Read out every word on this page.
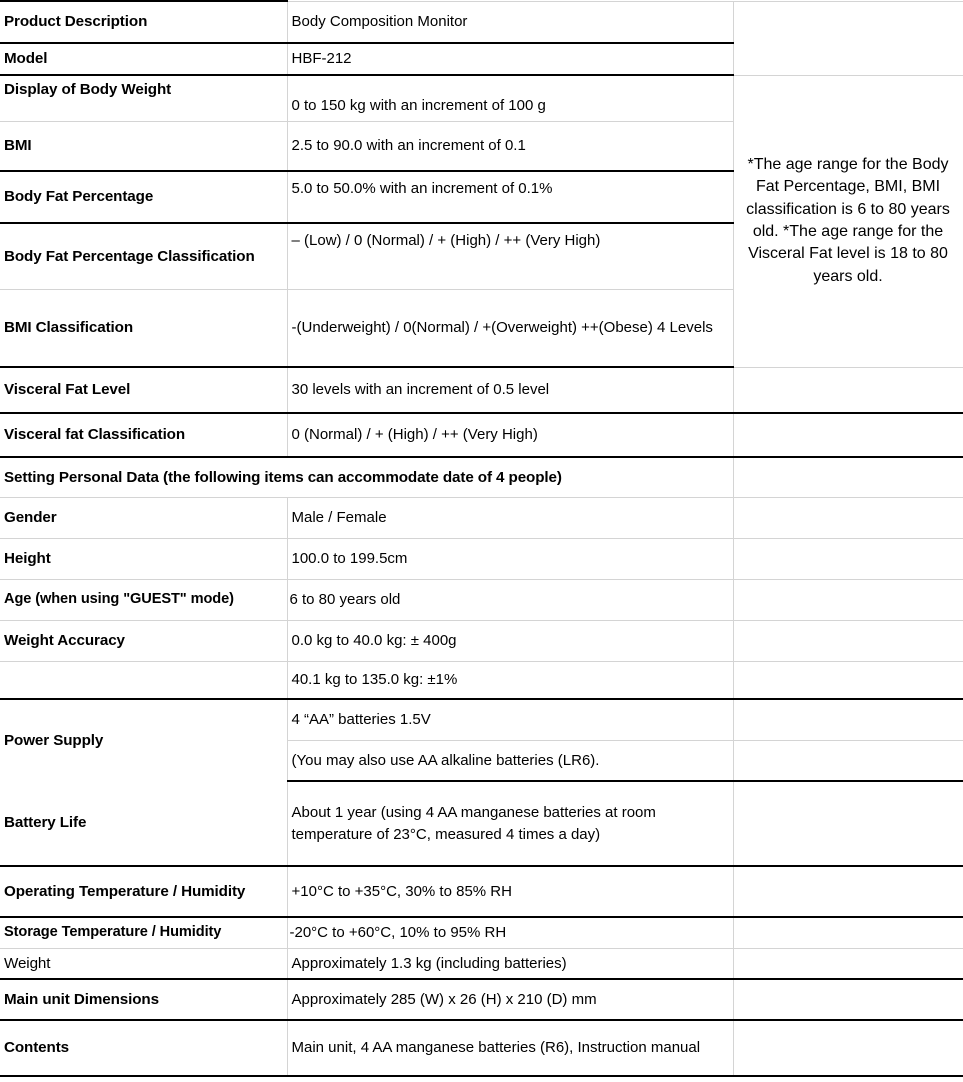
Product Description	Body Composition Monitor	
Model	HBF-212	
Display of Body Weight	0 to 150 kg with an increment of 100 g	*The age range for the Body Fat Percentage, BMI, BMI classification is 6 to 80 years old. *The age range for the Visceral Fat level is 18 to 80 years old.
BMI	2.5 to 90.0 with an increment of 0.1	
Body Fat Percentage	5.0 to 50.0% with an increment of 0.1%	
Body Fat Percentage Classification	– (Low) / 0 (Normal) / + (High) / ++ (Very High)	
BMI Classification	-(Underweight) / 0(Normal) / +(Overweight) ++(Obese) 4 Levels	
Visceral Fat Level	30 levels with an increment of 0.5 level	
Visceral fat Classification	0 (Normal) / + (High) / ++ (Very High)	
Setting Personal Data (the following items can accommodate date of 4 people)		
Gender	Male / Female	
Height	100.0 to 199.5cm	
Age (when using "GUEST" mode)	6 to 80 years old	
Weight Accuracy	0.0 kg to 40.0 kg: ± 400g	
	40.1 kg to 135.0 kg: ±1%	
Power Supply	4 “AA” batteries 1.5V	
	(You may also use AA alkaline batteries (LR6).	
Battery Life	About 1 year (using 4 AA manganese batteries at room temperature of 23°C, measured 4 times a day)	
Operating Temperature / Humidity	+10°C to +35°C, 30% to 85% RH	
Storage Temperature / Humidity	-20°C to +60°C, 10% to 95% RH	
Weight	Approximately 1.3 kg (including batteries)	
Main unit Dimensions	Approximately 285 (W) x 26 (H) x 210 (D) mm	
Contents	Main unit, 4 AA manganese batteries (R6), Instruction manual	
